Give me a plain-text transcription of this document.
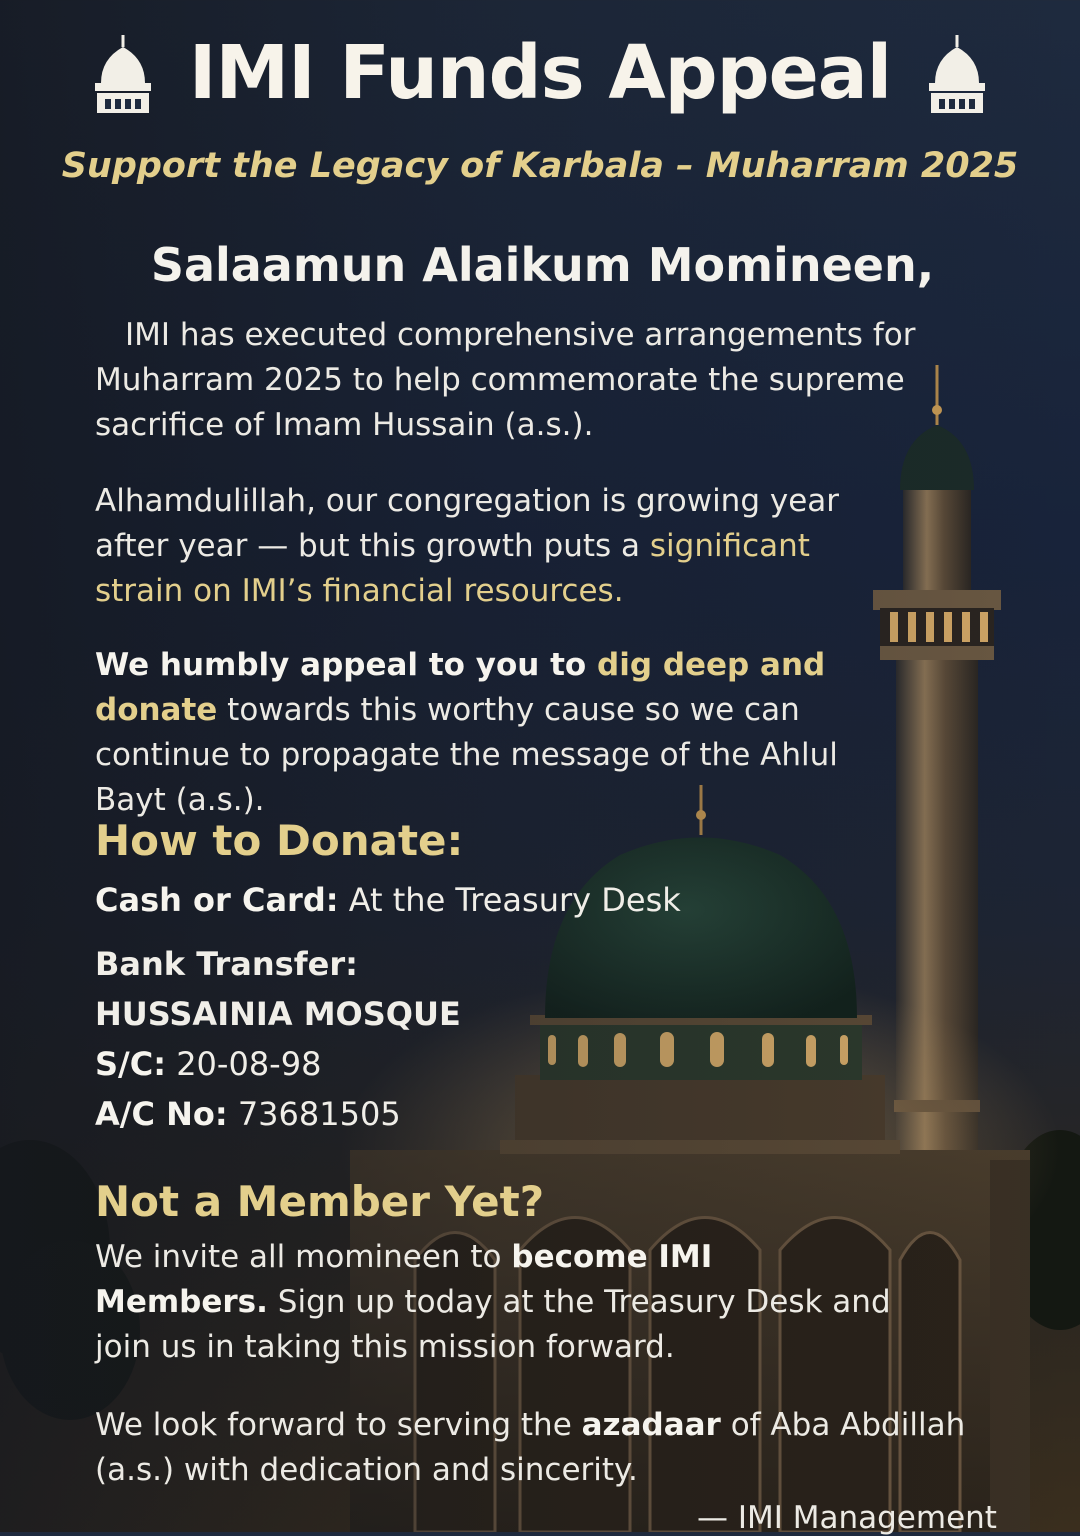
IMI Funds Appeal
Support the Legacy of Karbala – Muharram 2025
Salaamun Alaikum Momineen,
IMI has executed comprehensive arrangements for Muharram 2025 to help commemorate the supreme sacrifice of Imam Hussain (a.s.).
Alhamdulillah, our congregation is growing year after year — but this growth puts a significant strain on IMI’s financial resources.
We humbly appeal to you to dig deep and donate towards this worthy cause so we can continue to propagate the message of the Ahlul Bayt (a.s.).
How to Donate:
Cash or Card: At the Treasury Desk
Bank Transfer:
HUSSAINIA MOSQUE
S/C: 20-08-98
A/C No: 73681505
Not a Member Yet?
We invite all momineen to become IMI Members. Sign up today at the Treasury Desk and join us in taking this mission forward.
We look forward to serving the azadaar of Aba Abdillah (a.s.) with dedication and sincerity.
— IMI Management
